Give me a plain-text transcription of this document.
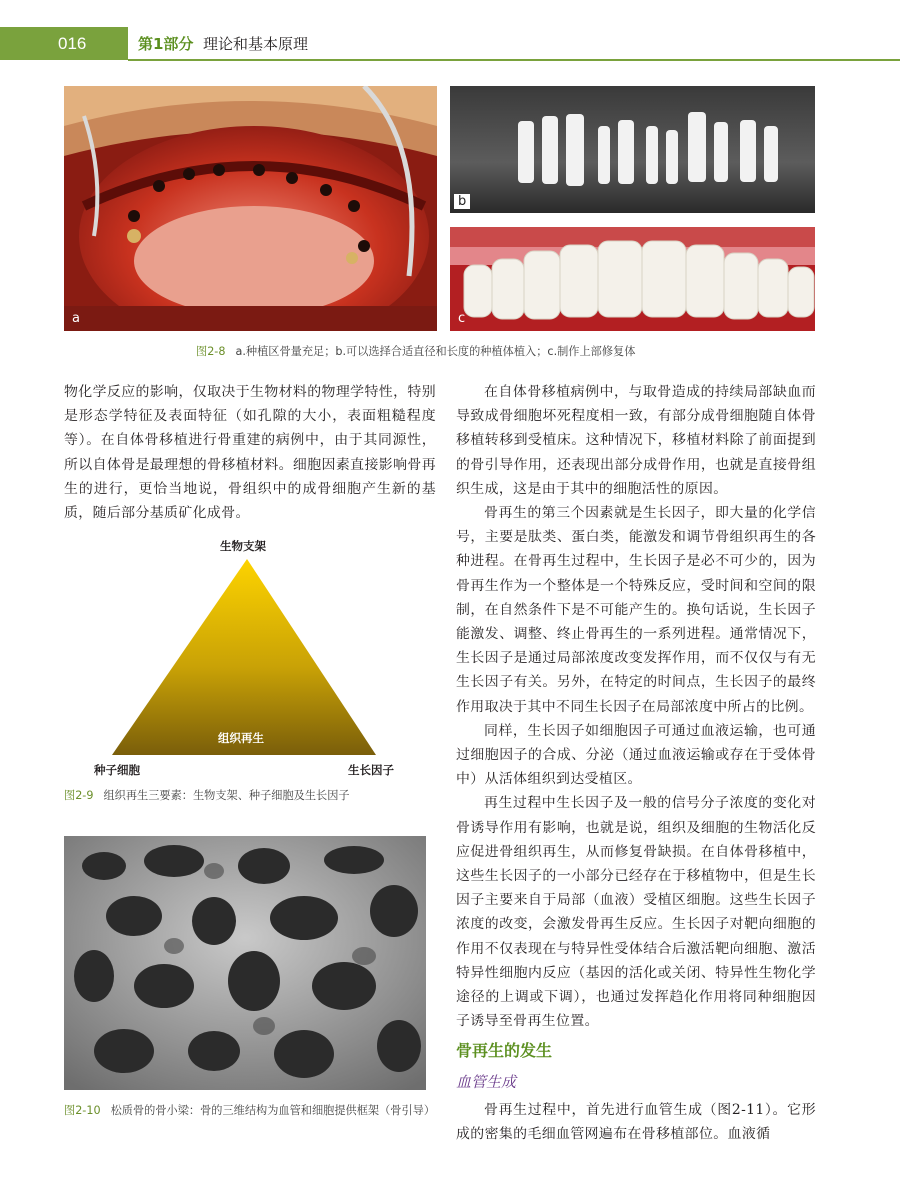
016	第1部分 理论和基本原理
a
b
c
图2-8 a.种植区骨量充足；b.可以选择合适直径和长度的种植体植入；c.制作上部修复体

物化学反应的影响，仅取决于生物材料的物理学特性，特别是形态学特征及表面特征（如孔隙的大小，表面粗糙程度等）。在自体骨移植进行骨重建的病例中，由于其同源性，所以自体骨是最理想的骨移植材料。细胞因素直接影响骨再生的进行，更恰当地说，骨组织中的成骨细胞产生新的基质，随后部分基质矿化成骨。

生物支架
组织再生
种子细胞	生长因子
图2-9 组织再生三要素：生物支架、种子细胞及生长因子
图2-10 松质骨的骨小梁：骨的三维结构为血管和细胞提供框架（骨引导）

在自体骨移植病例中，与取骨造成的持续局部缺血而导致成骨细胞坏死程度相一致，有部分成骨细胞随自体骨移植转移到受植床。这种情况下，移植材料除了前面提到的骨引导作用，还表现出部分成骨作用，也就是直接骨组织生成，这是由于其中的细胞活性的原因。

骨再生的第三个因素就是生长因子，即大量的化学信号，主要是肽类、蛋白类，能激发和调节骨组织再生的各种进程。在骨再生过程中，生长因子是必不可少的，因为骨再生作为一个整体是一个特殊反应，受时间和空间的限制，在自然条件下是不可能产生的。换句话说，生长因子能激发、调整、终止骨再生的一系列进程。通常情况下，生长因子是通过局部浓度改变发挥作用，而不仅仅与有无生长因子有关。另外，在特定的时间点，生长因子的最终作用取决于其中不同生长因子在局部浓度中所占的比例。

同样，生长因子如细胞因子可通过血液运输，也可通过细胞因子的合成、分泌（通过血液运输或存在于受体骨中）从活体组织到达受植区。

再生过程中生长因子及一般的信号分子浓度的变化对骨诱导作用有影响，也就是说，组织及细胞的生物活化反应促进骨组织再生，从而修复骨缺损。在自体骨移植中，这些生长因子的一小部分已经存在于移植物中，但是生长因子主要来自于局部（血液）受植区细胞。这些生长因子浓度的改变，会激发骨再生反应。生长因子对靶向细胞的作用不仅表现在与特异性受体结合后激活靶向细胞、激活特异性细胞内反应（基因的活化或关闭、特异性生物化学途径的上调或下调），也通过发挥趋化作用将同种细胞因子诱导至骨再生位置。

骨再生的发生
血管生成

骨再生过程中，首先进行血管生成（图2-11）。它形成的密集的毛细血管网遍布在骨移植部位。血液循
